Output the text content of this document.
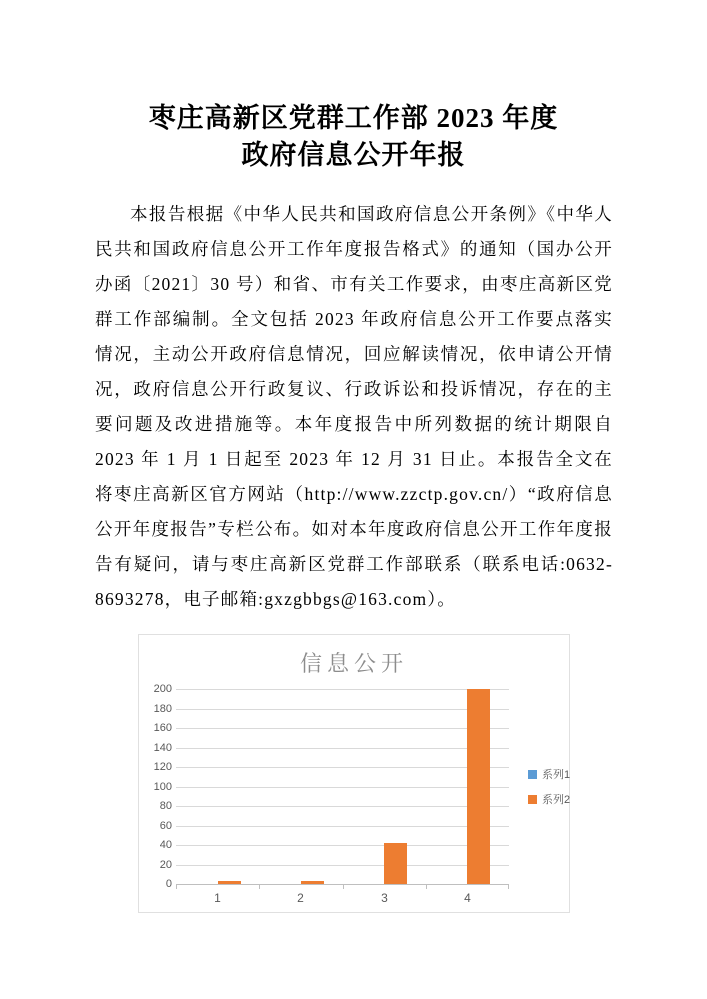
枣庄高新区党群工作部 2023 年度
政府信息公开年报

本报告根据《中华人民共和国政府信息公开条例》《中华人民共和国政府信息公开工作年度报告格式》的通知（国办公开办函〔2021〕30 号）和省、市有关工作要求，由枣庄高新区党群工作部编制。全文包括 2023 年政府信息公开工作要点落实情况，主动公开政府信息情况，回应解读情况，依申请公开情况，政府信息公开行政复议、行政诉讼和投诉情况，存在的主要问题及改进措施等。本年度报告中所列数据的统计期限自 2023 年 1 月 1 日起至 2023 年 12 月 31 日止。本报告全文在将枣庄高新区官方网站（http://www.zzctp.gov.cn/）“政府信息公开年度报告”专栏公布。如对本年度政府信息公开工作年度报告有疑问，请与枣庄高新区党群工作部联系（联系电话:0632-8693278，电子邮箱:gxzgbbgs@163.com）。

信息公开
0
20
40
60
80
100
120
140
160
180
200
1	2	3	4
系列1
系列2
